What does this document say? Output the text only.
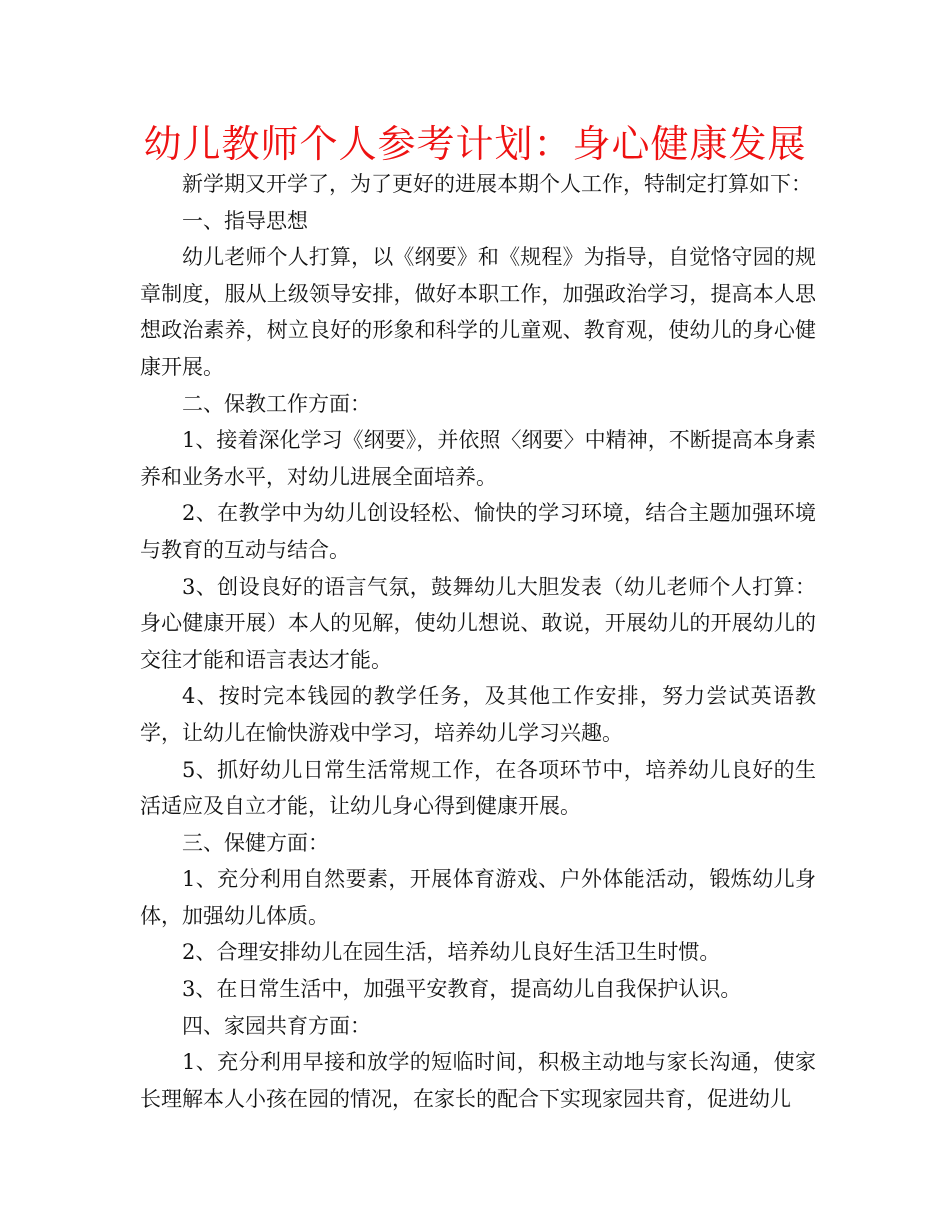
幼儿教师个人参考计划：身心健康发展

新学期又开学了，为了更好的进展本期个人工作，特制定打算如下：

一、指导思想

幼儿老师个人打算，以《纲要》和《规程》为指导，自觉恪守园的规章制度，服从上级领导安排，做好本职工作，加强政治学习，提高本人思想政治素养，树立良好的形象和科学的儿童观、教育观，使幼儿的身心健康开展。

二、保教工作方面：

1、接着深化学习《纲要》，并依照〈纲要〉中精神，不断提高本身素养和业务水平，对幼儿进展全面培养。

2、在教学中为幼儿创设轻松、愉快的学习环境，结合主题加强环境与教育的互动与结合。

3、创设良好的语言气氛，鼓舞幼儿大胆发表（幼儿老师个人打算：身心健康开展）本人的见解，使幼儿想说、敢说，开展幼儿的开展幼儿的交往才能和语言表达才能。

4、按时完本钱园的教学任务，及其他工作安排，努力尝试英语教学，让幼儿在愉快游戏中学习，培养幼儿学习兴趣。

5、抓好幼儿日常生活常规工作，在各项环节中，培养幼儿良好的生活适应及自立才能，让幼儿身心得到健康开展。

三、保健方面：

1、充分利用自然要素，开展体育游戏、户外体能活动，锻炼幼儿身体，加强幼儿体质。

2、合理安排幼儿在园生活，培养幼儿良好生活卫生时惯。

3、在日常生活中，加强平安教育，提高幼儿自我保护认识。

四、家园共育方面：

1、充分利用早接和放学的短临时间，积极主动地与家长沟通，使家长理解本人小孩在园的情况，在家长的配合下实现家园共育，促进幼儿
